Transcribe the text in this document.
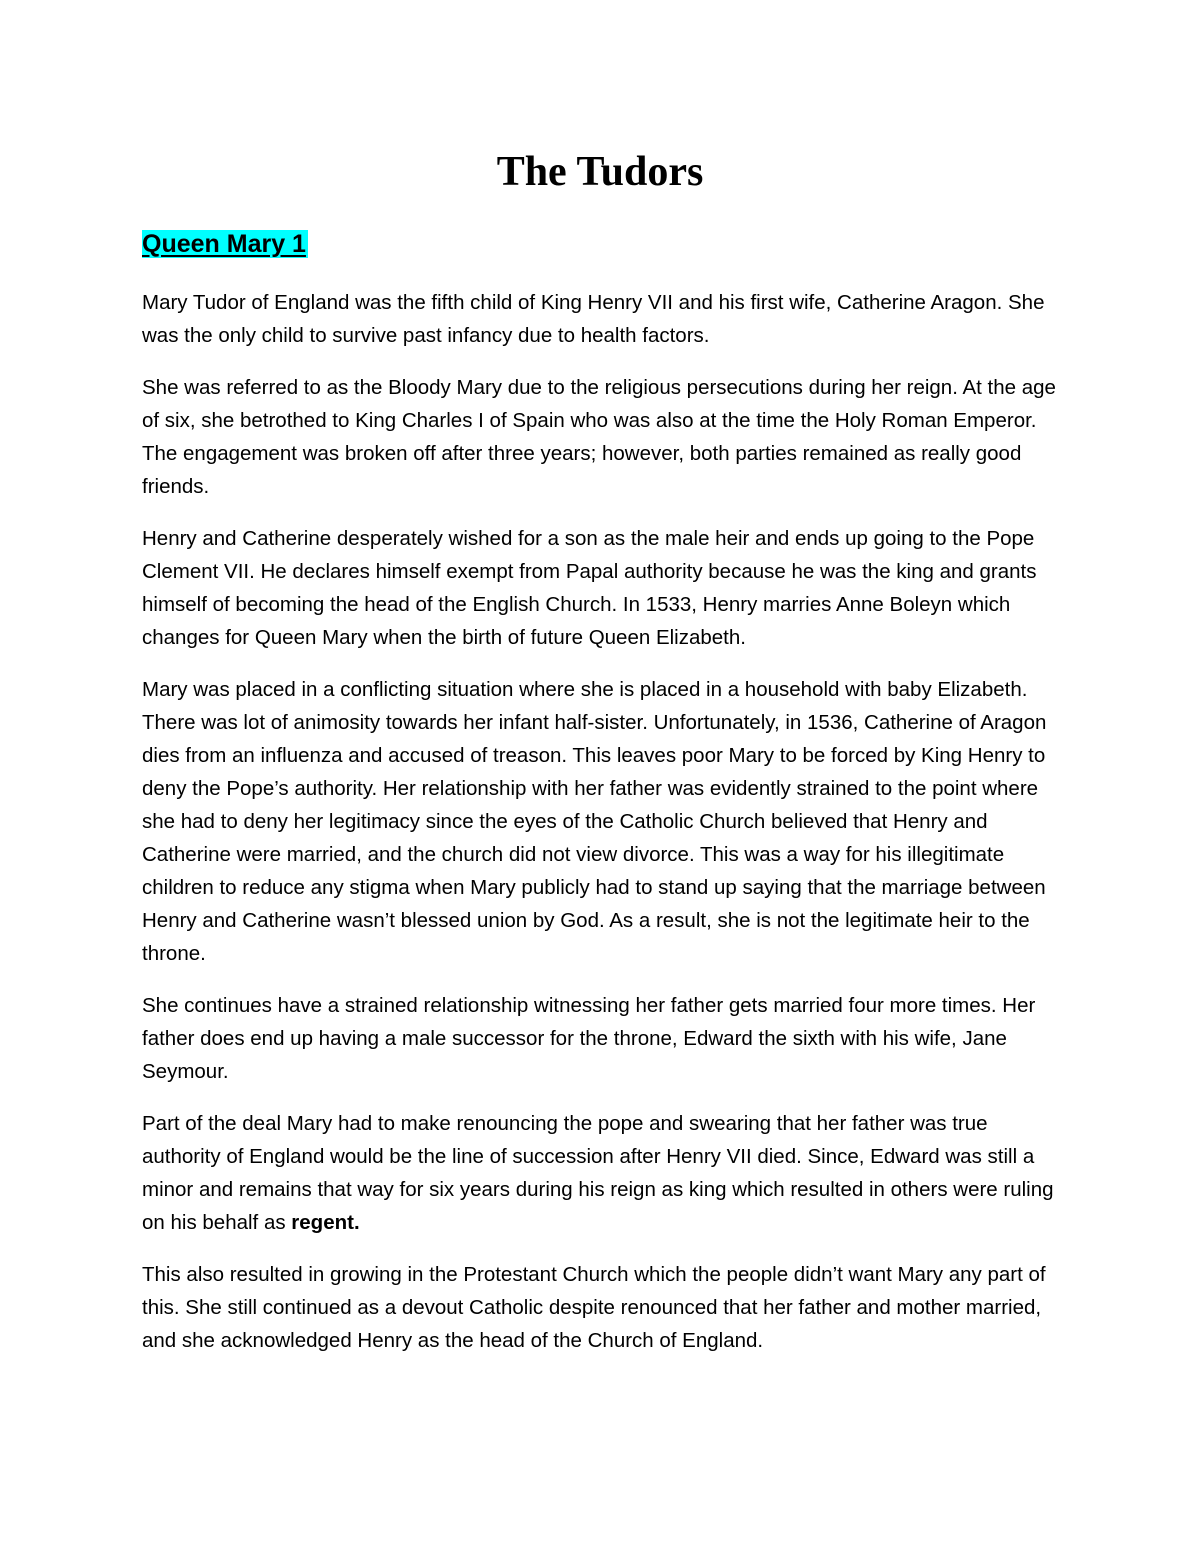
The Tudors
Queen Mary 1

Mary Tudor of England was the fifth child of King Henry VII and his first wife, Catherine Aragon. She was the only child to survive past infancy due to health factors.

She was referred to as the Bloody Mary due to the religious persecutions during her reign. At the age of six, she betrothed to King Charles I of Spain who was also at the time the Holy Roman Emperor. The engagement was broken off after three years; however, both parties remained as really good friends.

Henry and Catherine desperately wished for a son as the male heir and ends up going to the Pope Clement VII. He declares himself exempt from Papal authority because he was the king and grants himself of becoming the head of the English Church. In 1533, Henry marries Anne Boleyn which changes for Queen Mary when the birth of future Queen Elizabeth.

Mary was placed in a conflicting situation where she is placed in a household with baby Elizabeth. There was lot of animosity towards her infant half-sister. Unfortunately, in 1536, Catherine of Aragon dies from an influenza and accused of treason. This leaves poor Mary to be forced by King Henry to deny the Pope’s authority. Her relationship with her father was evidently strained to the point where she had to deny her legitimacy since the eyes of the Catholic Church believed that Henry and Catherine were married, and the church did not view divorce. This was a way for his illegitimate children to reduce any stigma when Mary publicly had to stand up saying that the marriage between Henry and Catherine wasn’t blessed union by God. As a result, she is not the legitimate heir to the throne.

She continues have a strained relationship witnessing her father gets married four more times. Her father does end up having a male successor for the throne, Edward the sixth with his wife, Jane Seymour.

Part of the deal Mary had to make renouncing the pope and swearing that her father was true authority of England would be the line of succession after Henry VII died. Since, Edward was still a minor and remains that way for six years during his reign as king which resulted in others were ruling on his behalf as regent.

This also resulted in growing in the Protestant Church which the people didn’t want Mary any part of this. She still continued as a devout Catholic despite renounced that her father and mother married, and she acknowledged Henry as the head of the Church of England.
